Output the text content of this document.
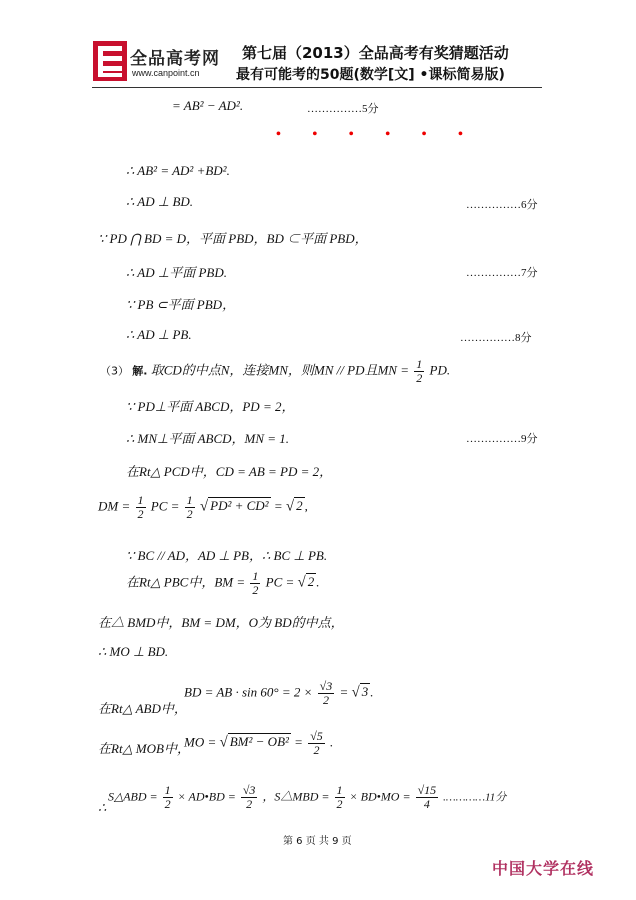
全品高考网
www.canpoint.cn
第七届（2013）全品高考有奖猜题活动
最有可能考的50题(数学[文] •课标简易版)
= AB² − AD².	……………5分
• • • • • •
∴ AB² = AD² +BD².
∴ AD ⊥ BD.	……………6分
∵ PD ⋂ BD = D，平面 PBD，BD ⊂平面 PBD，
∴ AD ⊥平面 PBD.	……………7分
∵ PB ⊂平面 PBD，
∴ AD ⊥ PB.	……………8分
（3） 解. 取CD的中点N，连接MN，则MN // PD且MN = $\frac{1}{2}$ PD.
∵ PD⊥平面 ABCD，PD = 2，
∴ MN⊥平面 ABCD，MN = 1.	……………9分
在Rt△ PCD中，CD = AB = PD = 2，
DM = $\frac{1}{2}$ PC = $\frac{1}{2}$ √ PD² + CD² = √ 2 ,
∵ BC // AD，AD ⊥ PB，∴ BC ⊥ PB.
在Rt△ PBC中，BM = $\frac{1}{2}$ PC = √ 2 .
在△ BMD中，BM = DM，O为 BD的中点，
∴ MO ⊥ BD.
在Rt△ ABD中，
BD = AB · $\sin 60^\circ = 2 \times \frac{√3}{2}$ = √ 3 .
在Rt△ MOB中，
MO = √ $BM^2 - OB^2 = \frac{√5}{2}$ .
∴
S△ABD = $\frac{1}{2}$ × AD•BD = $\frac{√3}{2}$ ，S△MBD = $\frac{1}{2}$ × BD•MO = $\frac{√15}{4}$ .…………11分
第 6 页 共 9 页
中国大学在线
